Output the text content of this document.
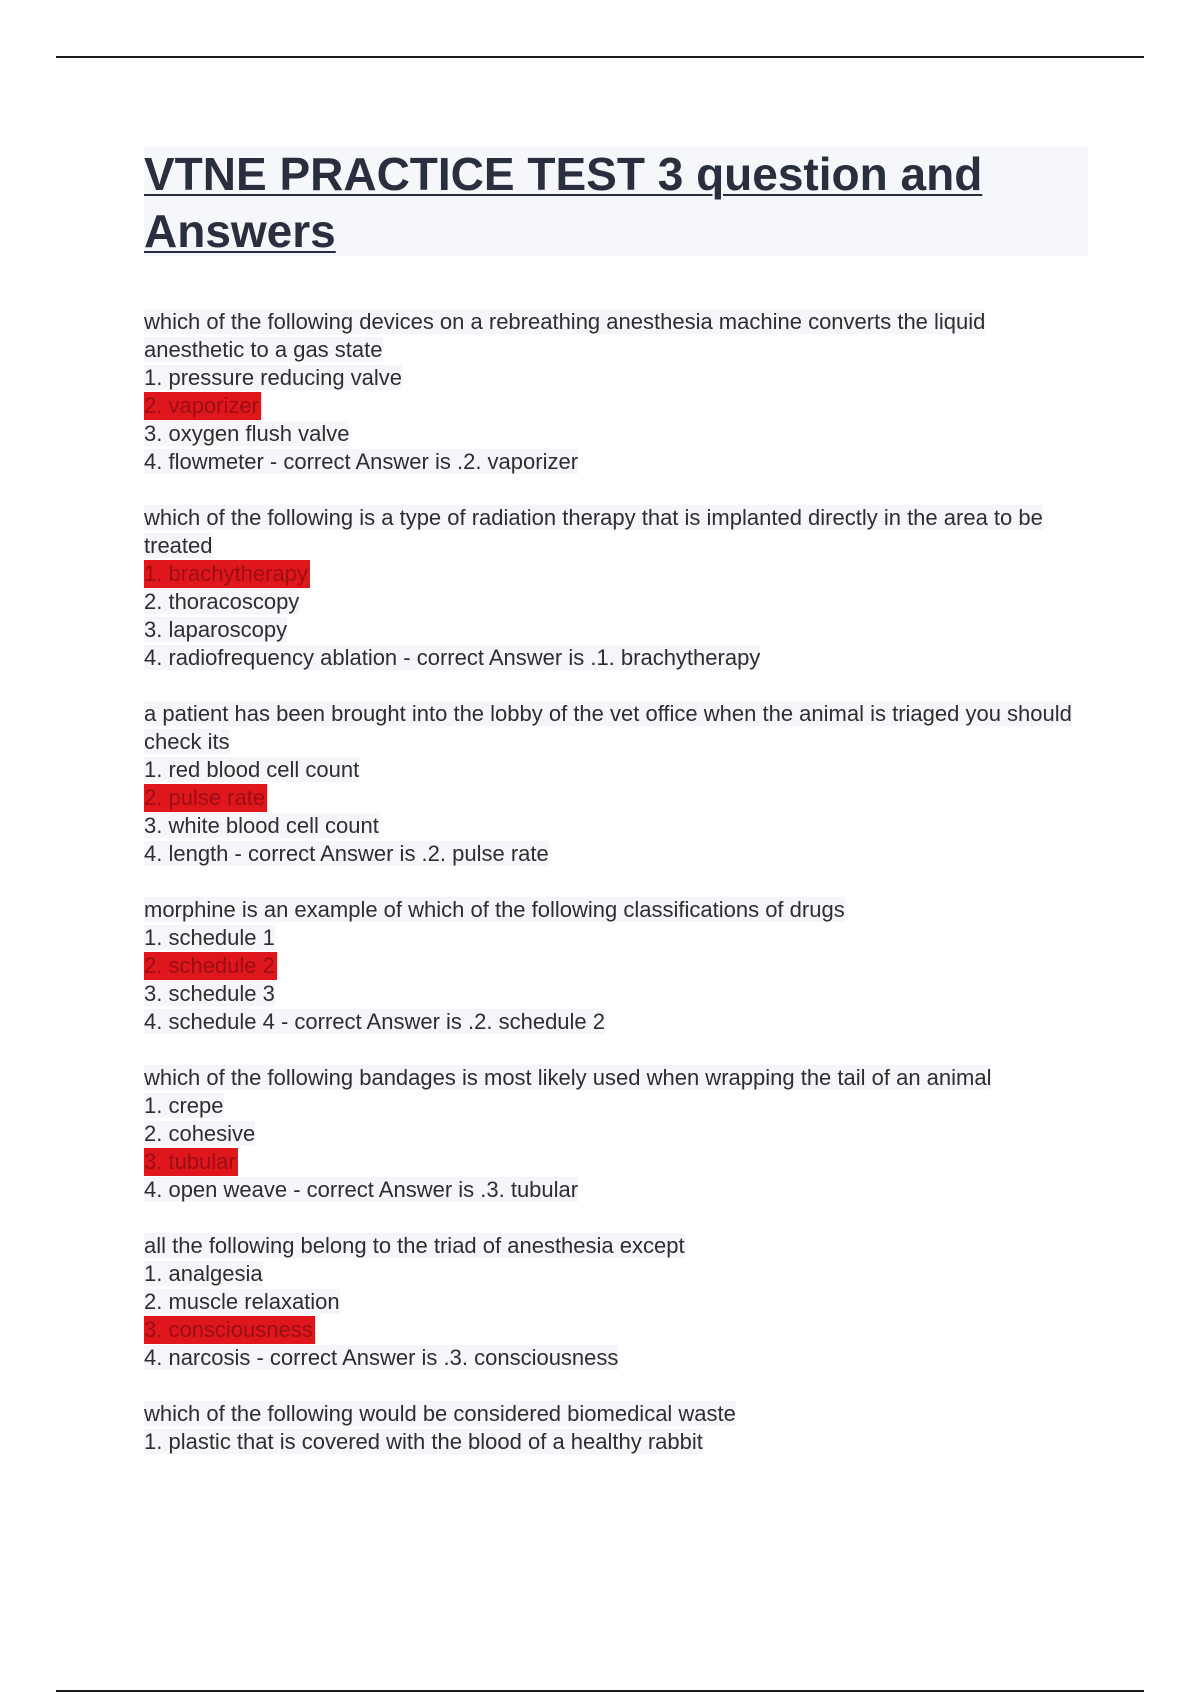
VTNE PRACTICE TEST 3 question and Answers
which of the following devices on a rebreathing anesthesia machine converts the liquid anesthetic to a gas state
1. pressure reducing valve
2. vaporizer
3. oxygen flush valve
4. flowmeter - correct Answer is .2. vaporizer
which of the following is a type of radiation therapy that is implanted directly in the area to be treated
1. brachytherapy
2. thoracoscopy
3. laparoscopy
4. radiofrequency ablation - correct Answer is .1. brachytherapy
a patient has been brought into the lobby of the vet office when the animal is triaged you should check its
1. red blood cell count
2. pulse rate
3. white blood cell count
4. length - correct Answer is .2. pulse rate
morphine is an example of which of the following classifications of drugs
1. schedule 1
2. schedule 2
3. schedule 3
4. schedule 4 - correct Answer is .2. schedule 2
which of the following bandages is most likely used when wrapping the tail of an animal
1. crepe
2. cohesive
3. tubular
4. open weave - correct Answer is .3. tubular
all the following belong to the triad of anesthesia except
1. analgesia
2. muscle relaxation
3. consciousness
4. narcosis - correct Answer is .3. consciousness
which of the following would be considered biomedical waste
1. plastic that is covered with the blood of a healthy rabbit
